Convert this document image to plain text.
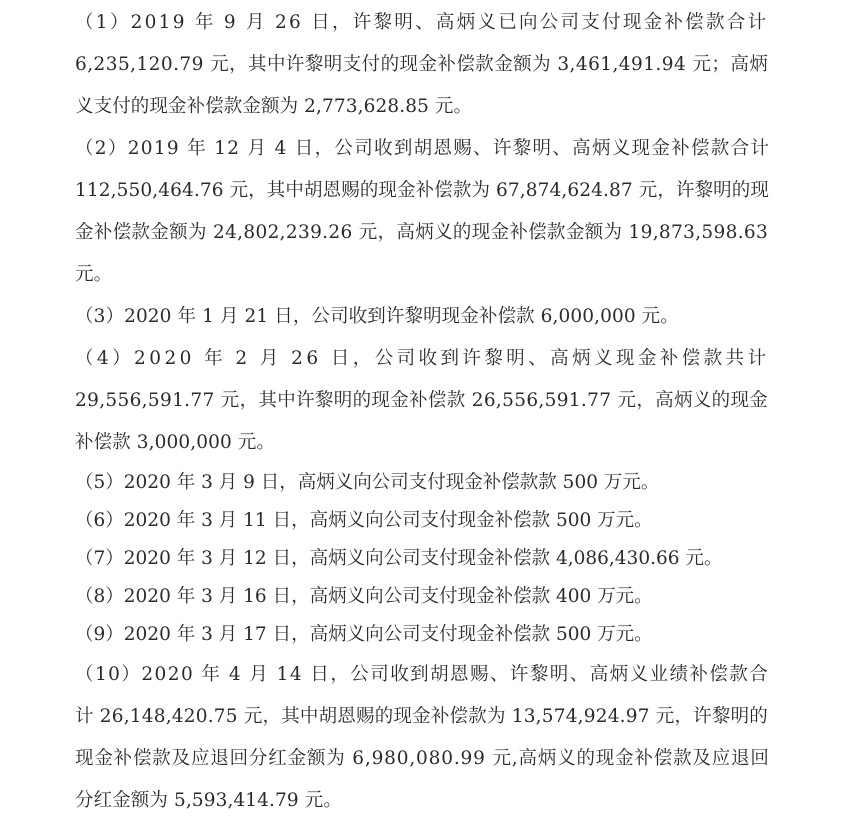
（1）2019 年 9 月 26 日，许黎明、高炳义已向公司支付现金补偿款合计
6,235,120.79 元，其中许黎明支付的现金补偿款金额为 3,461,491.94 元；高炳
义支付的现金补偿款金额为 2,773,628.85 元。
（2）2019 年 12 月 4 日，公司收到胡恩赐、许黎明、高炳义现金补偿款合计
112,550,464.76 元，其中胡恩赐的现金补偿款为 67,874,624.87 元，许黎明的现
金补偿款金额为 24,802,239.26 元，高炳义的现金补偿款金额为 19,873,598.63
元。
（3）2020 年 1 月 21 日，公司收到许黎明现金补偿款 6,000,000 元。
（4）2020 年 2 月 26 日，公司收到许黎明、高炳义现金补偿款共计
29,556,591.77 元，其中许黎明的现金补偿款 26,556,591.77 元，高炳义的现金
补偿款 3,000,000 元。
（5）2020 年 3 月 9 日，高炳义向公司支付现金补偿款款 500 万元。
（6）2020 年 3 月 11 日，高炳义向公司支付现金补偿款 500 万元。
（7）2020 年 3 月 12 日，高炳义向公司支付现金补偿款 4,086,430.66 元。
（8）2020 年 3 月 16 日，高炳义向公司支付现金补偿款 400 万元。
（9）2020 年 3 月 17 日，高炳义向公司支付现金补偿款 500 万元。
（10）2020 年 4 月 14 日，公司收到胡恩赐、许黎明、高炳义业绩补偿款合
计 26,148,420.75 元，其中胡恩赐的现金补偿款为 13,574,924.97 元，许黎明的
现金补偿款及应退回分红金额为 6,980,080.99 元,高炳义的现金补偿款及应退回
分红金额为 5,593,414.79 元。
